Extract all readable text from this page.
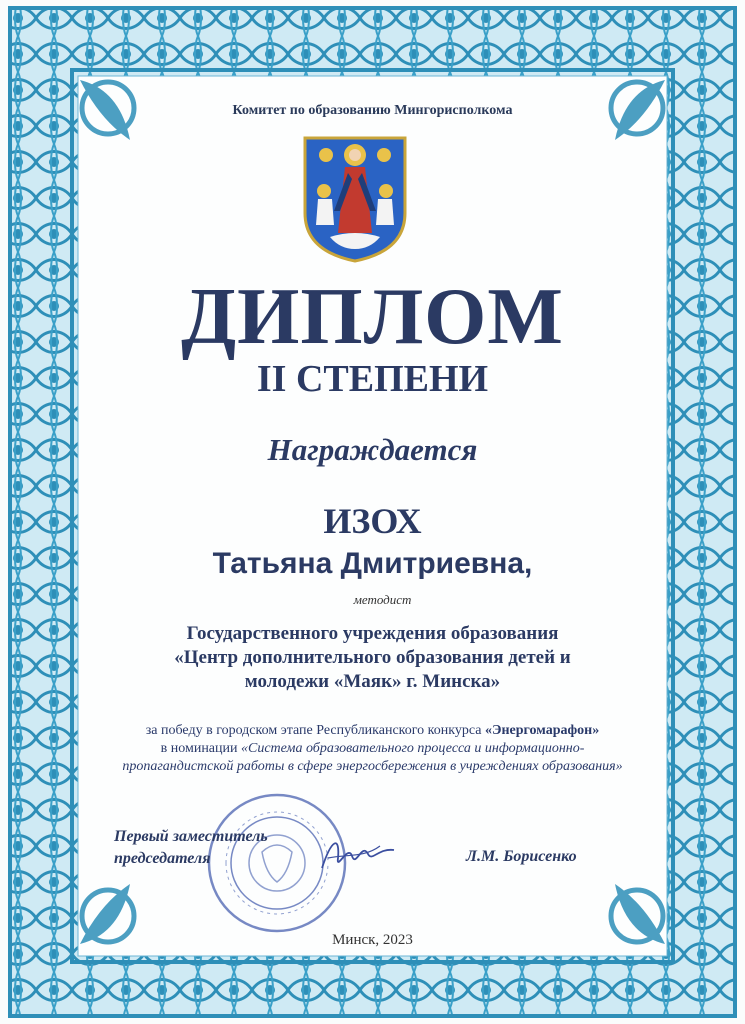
Комитет по образованию Мингорисполкома
ДИПЛОМ
II СТЕПЕНИ
Награждается
ИЗОХ
Татьяна Дмитриевна,
методист
Государственного учреждения образования
«Центр дополнительного образования детей и
молодежи «Маяк» г. Минска»
за победу в городском этапе Республиканского конкурса «Энергомарафон»
в номинации «Система образовательного процесса и информационно-
пропагандистской работы в сфере энергосбережения в учреждениях образования»
Первый заместитель
председателя	Л.М. Борисенко
Минск, 2023
